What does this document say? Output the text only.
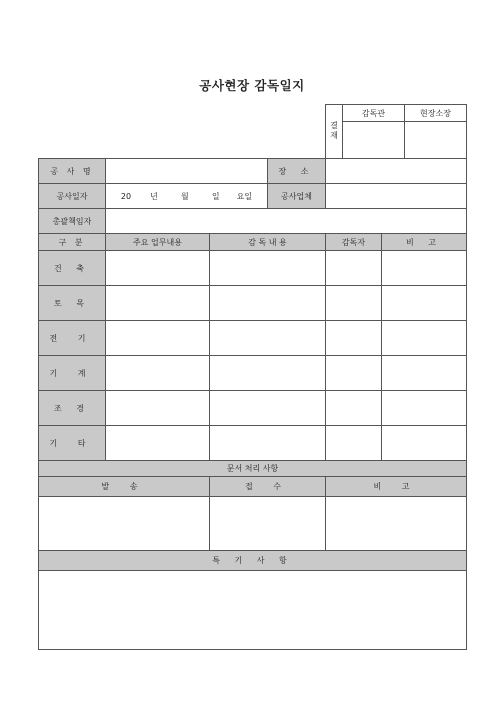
공사현장 감독일지
결재	감독관	현장소장

공 사 명			장 소		
공사일자	20 년 월 일 요일		공사업체		
총괄책임자					
구 분	주요 업무내용	감 독 내 용		감독자	비 고
건 축					
토 목					
전 기					
기 계					
조 경					
기 타					
문서 처리 사항					
발 송		접 수		비 고	

특 기 사 항					
